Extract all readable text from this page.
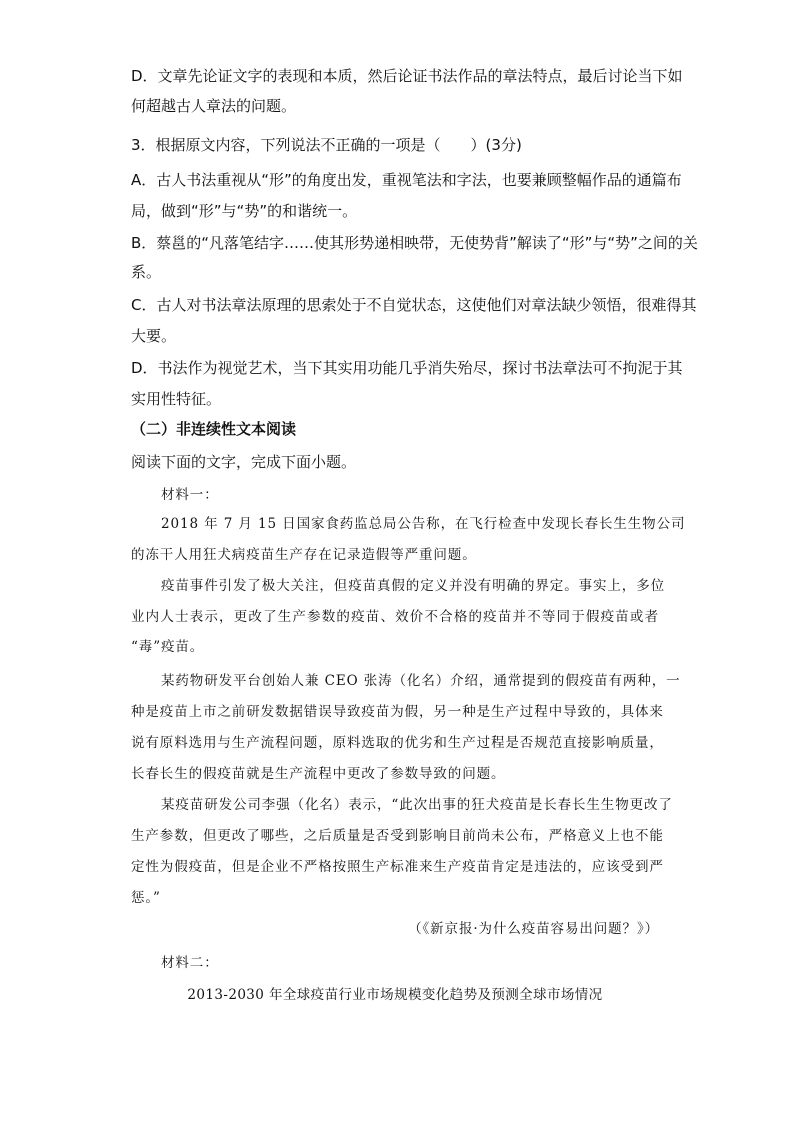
D．文章先论证文字的表现和本质，然后论证书法作品的章法特点，最后讨论当下如
何超越古人章法的问题。
3．根据原文内容，下列说法不正确的一项是（　　）(3分)
A．古人书法重视从“形”的角度出发，重视笔法和字法，也要兼顾整幅作品的通篇布
局，做到“形”与“势”的和谐统一。
B．蔡邕的“凡落笔结字……使其形势递相映带，无使势背”解读了“形”与“势”之间的关
系。
C．古人对书法章法原理的思索处于不自觉状态，这使他们对章法缺少领悟，很难得其
大要。
D．书法作为视觉艺术，当下其实用功能几乎消失殆尽，探讨书法章法可不拘泥于其
实用性特征。
（二）非连续性文本阅读
阅读下面的文字，完成下面小题。
材料一：
2018 年 7 月 15 日国家食药监总局公告称，在飞行检查中发现长春长生生物公司
的冻干人用狂犬病疫苗生产存在记录造假等严重问题。
疫苗事件引发了极大关注，但疫苗真假的定义并没有明确的界定。事实上，多位
业内人士表示，更改了生产参数的疫苗、效价不合格的疫苗并不等同于假疫苗或者
“毒”疫苗。
某药物研发平台创始人兼 CEO 张涛（化名）介绍，通常提到的假疫苗有两种，一
种是疫苗上市之前研发数据错误导致疫苗为假，另一种是生产过程中导致的，具体来
说有原料选用与生产流程问题，原料选取的优劣和生产过程是否规范直接影响质量，
长春长生的假疫苗就是生产流程中更改了参数导致的问题。
某疫苗研发公司李强（化名）表示，“此次出事的狂犬疫苗是长春长生生物更改了
生产参数，但更改了哪些，之后质量是否受到影响目前尚未公布，严格意义上也不能
定性为假疫苗，但是企业不严格按照生产标准来生产疫苗肯定是违法的，应该受到严
惩。”
（《新京报·为什么疫苗容易出问题？》）
材料二：
2013-2030 年全球疫苗行业市场规模变化趋势及预测全球市场情况
